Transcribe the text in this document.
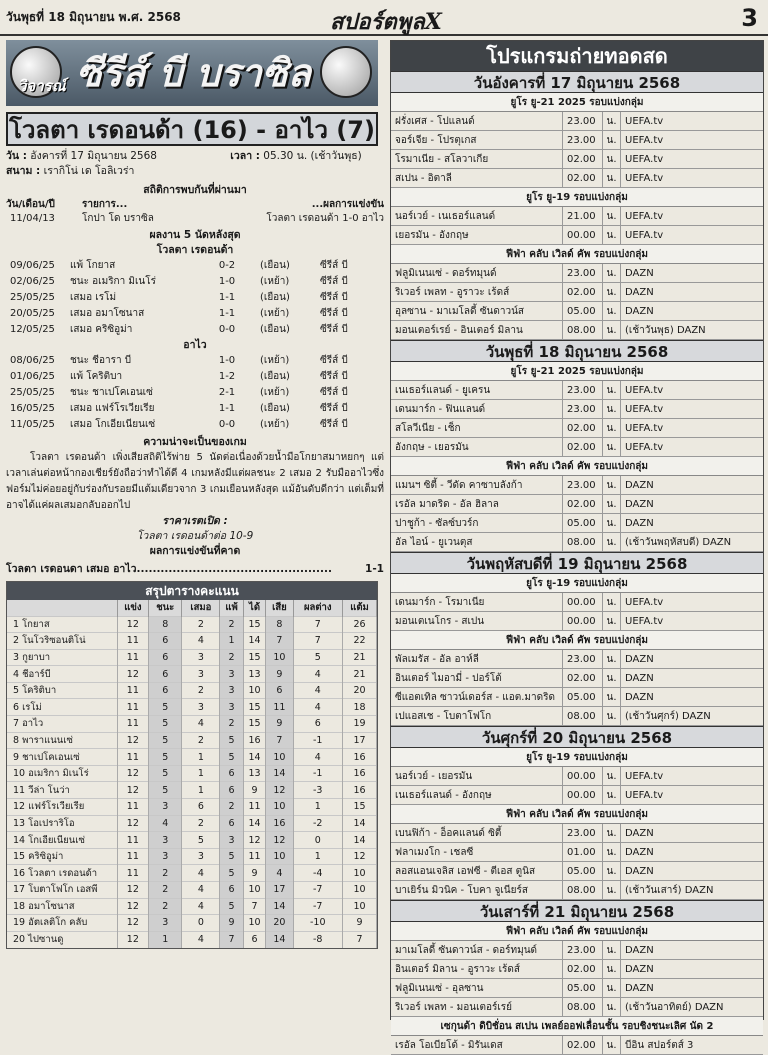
วันพุธที่ 18 มิถุนายน พ.ศ. 2568	สปอร์ตพูลX	3
วิจารณ์ ซีรีส์ บี บราซิล
โวลตา เรดอนด้า (16) - อาไว (7)
วัน :
อังคารที่ 17 มิถุนายน 2568	เวลา :
05.30 น. (เช้าวันพุธ)
สนาม :
เรากิโน่ เด โอลิเวร่า
สถิติการพบกันที่ผ่านมา
วัน/เดือน/ปี	รายการ...	...ผลการแข่งขัน
11/04/13	โกปา โด บราซิล	โวลตา เรดอนด้า 1-0 อาไว
ผลงาน 5 นัดหลังสุด
โวลตา เรดอนด้า
09/06/25	แพ้ โกยาส	0-2	(เยือน)	ซีรีส์ บี
02/06/25	ชนะ อเมริกา มิเนโร่	1-0	(เหย้า)	ซีรีส์ บี
25/05/25	เสมอ เรโม่	1-1	(เยือน)	ซีรีส์ บี
20/05/25	เสมอ อมาโซนาส	1-1	(เหย้า)	ซีรีส์ บี
12/05/25	เสมอ คริซิอูม่า	0-0	(เยือน)	ซีรีส์ บี
อาไว
08/06/25	ชนะ ชีอารา บี	1-0	(เหย้า)	ซีรีส์ บี
01/06/25	แพ้ โคริติบา	1-2	(เยือน)	ซีรีส์ บี
25/05/25	ชนะ ชาเปโคเอนเซ่	2-1	(เหย้า)	ซีรีส์ บี
16/05/25	เสมอ แฟร์โรเวียเรีย	1-1	(เยือน)	ซีรีส์ บี
11/05/25	เสมอ โกเอียเนียนเซ่	0-0	(เหย้า)	ซีรีส์ บี
ความน่าจะเป็นของเกม

โวลตา เรดอนด้า เพิ่งเสียสถิติไร้พ่าย 5 นัดต่อเนื่องด้วยน้ำมือโกยาสมาหยกๆ แต่เวลาเล่นต่อหน้ากองเชียร์ยังถือว่าทำได้ดี 4 เกมหลังมีแต่ผลชนะ 2 เสมอ 2 รับมืออาไวซึ่งฟอร์มไม่ค่อยอยู่กับร่องกับรอยมีแต้มเดียวจาก 3 เกมเยือนหลังสุด แม้อันดับดีกว่า แต่เต็มที่อาจได้แค่ผลเสมอกลับออกไป

ราคาเรตเปิด :
โวลตา เรดอนด้าต่อ 10-9
ผลการแข่งขันที่คาด
โวลตา เรดอนดา เสมอ อาไว.................................................	1-1
สรุปตารางคะแนน
	แข่ง	ชนะ	เสมอ	แพ้	ได้	เสีย	ผลต่าง	แต้ม
1 โกยาส	12	8	2	2	15	8	7	26
2 โนโวริซอนติโน่	11	6	4	1	14	7	7	22
3 กูยาบา	11	6	3	2	15	10	5	21
4 ชีอาร์บี	12	6	3	3	13	9	4	21
5 โคริติบา	11	6	2	3	10	6	4	20
6 เรโม่	11	5	3	3	15	11	4	18
7 อาไว	11	5	4	2	15	9	6	19
8 พาราแนนเซ่	12	5	2	5	16	7	-1	17
9 ชาเปโคเอนเซ่	11	5	1	5	14	10	4	16
10 อเมริกา มิเนโร่	12	5	1	6	13	14	-1	16
11 วีล่า โนว่า	12	5	1	6	9	12	-3	16
12 แฟร์โรเวียเรีย	11	3	6	2	11	10	1	15
13 โอเปราริโอ	12	4	2	6	14	16	-2	14
14 โกเอียเนียนเซ่	11	3	5	3	12	12	0	14
15 คริซิอูม่า	11	3	3	5	11	10	1	12
16 โวลตา เรดอนด้า	11	2	4	5	9	4	-4	10
17 โบตาโฟโก เอสพี	12	2	4	6	10	17	-7	10
18 อมาโซนาส	12	2	4	5	7	14	-7	10
19 อัตเลติโก คลับ	12	3	0	9	10	20	-10	9
20 ไปซานดู	12	1	4	7	6	14	-8	7
โปรแกรมถ่ายทอดสด
วันอังคารที่ 17 มิถุนายน 2568
ยูโร ยู-21 2025 รอบแบ่งกลุ่ม
ฝรั่งเศส - โปแลนด์	23.00	น. UEFA.tv
จอร์เจีย - โปรตุเกส	23.00	น. UEFA.tv
โรมาเนีย - สโลวาเกีย	02.00	น. UEFA.tv
สเปน - อิตาลี	02.00	น. UEFA.tv
ยูโร ยู-19 รอบแบ่งกลุ่ม
นอร์เวย์ - เนเธอร์แลนด์	21.00	น. UEFA.tv
เยอรมัน - อังกฤษ	00.00	น. UEFA.tv
ฟีฟ่า คลับ เวิลด์ คัพ รอบแบ่งกลุ่ม
ฟลูมิเนนเซ่ - ดอร์ทมุนด์	23.00	น. DAZN
ริเวอร์ เพลท - อูราวะ เร้ดส์	02.00	น. DAZN
อุลซาน - มาเมโลดี้ ซันดาวน์ส	05.00	น. DAZN
มอนเตอร์เรย์ - อินเตอร์ มิลาน	08.00	น. (เช้าวันพุธ) DAZN
วันพุธที่ 18 มิถุนายน 2568
ยูโร ยู-21 2025 รอบแบ่งกลุ่ม
เนเธอร์แลนด์ - ยูเครน	23.00	น. UEFA.tv
เดนมาร์ก - ฟินแลนด์	23.00	น. UEFA.tv
สโลวีเนีย - เช็ก	02.00	น. UEFA.tv
อังกฤษ - เยอรมัน	02.00	น. UEFA.tv
ฟีฟ่า คลับ เวิลด์ คัพ รอบแบ่งกลุ่ม
แมนฯ ซิตี้ - วีดัด คาซาบลังก้า	23.00	น. DAZN
เรอัล มาดริด - อัล ฮิลาล	02.00	น. DAZN
ปาชูก้า - ซัลซ์บวร์ก	05.00	น. DAZN
อัล ไอน์ - ยูเวนตุส	08.00	น. (เช้าวันพฤหัสบดี) DAZN
วันพฤหัสบดีที่ 19 มิถุนายน 2568
ยูโร ยู-19 รอบแบ่งกลุ่ม
เดนมาร์ก - โรมาเนีย	00.00	น. UEFA.tv
มอนเตเนโกร - สเปน	00.00	น. UEFA.tv
ฟีฟ่า คลับ เวิลด์ คัพ รอบแบ่งกลุ่ม
พัลเมรัส - อัล อาห์ลี	23.00	น. DAZN
อินเตอร์ ไมอามี่ - ปอร์โต้	02.00	น. DAZN
ซีแอตเทิล ซาวน์เดอร์ส - แอต.มาดริด	05.00	น. DAZN
เปแอสเช - โบตาโฟโก	08.00	น. (เช้าวันศุกร์) DAZN
วันศุกร์ที่ 20 มิถุนายน 2568
ยูโร ยู-19 รอบแบ่งกลุ่ม
นอร์เวย์ - เยอรมัน	00.00	น. UEFA.tv
เนเธอร์แลนด์ - อังกฤษ	00.00	น. UEFA.tv
ฟีฟ่า คลับ เวิลด์ คัพ รอบแบ่งกลุ่ม
เบนฟิก้า - อ็อคแลนด์ ซิตี้	23.00	น. DAZN
ฟลาเมงโก - เชลซี	01.00	น. DAZN
ลอสแอนเจลิส เอฟซี - ตีเอส ตูนิส	05.00	น. DAZN
บาเยิร์น มิวนิค - โบคา จูเนียร์ส	08.00	น. (เช้าวันเสาร์) DAZN
วันเสาร์ที่ 21 มิถุนายน 2568
ฟีฟ่า คลับ เวิลด์ คัพ รอบแบ่งกลุ่ม
มาเมโลดี้ ซันดาวน์ส - ดอร์ทมุนด์	23.00	น. DAZN
อินเตอร์ มิลาน - อูราวะ เร้ดส์	02.00	น. DAZN
ฟลูมิเนนเซ่ - อุลซาน	05.00	น. DAZN
ริเวอร์ เพลท - มอนเตอร์เรย์	08.00	น. (เช้าวันอาทิตย์) DAZN
เซกุนด้า ดิบิชั่อน สเปน เพลย์ออฟเลื่อนชั้น รอบชิงชนะเลิศ นัด 2
เรอัล โอเบียโด้ - มิรันเดส	02.00	น. บีอิน สปอร์ตส์ 3
